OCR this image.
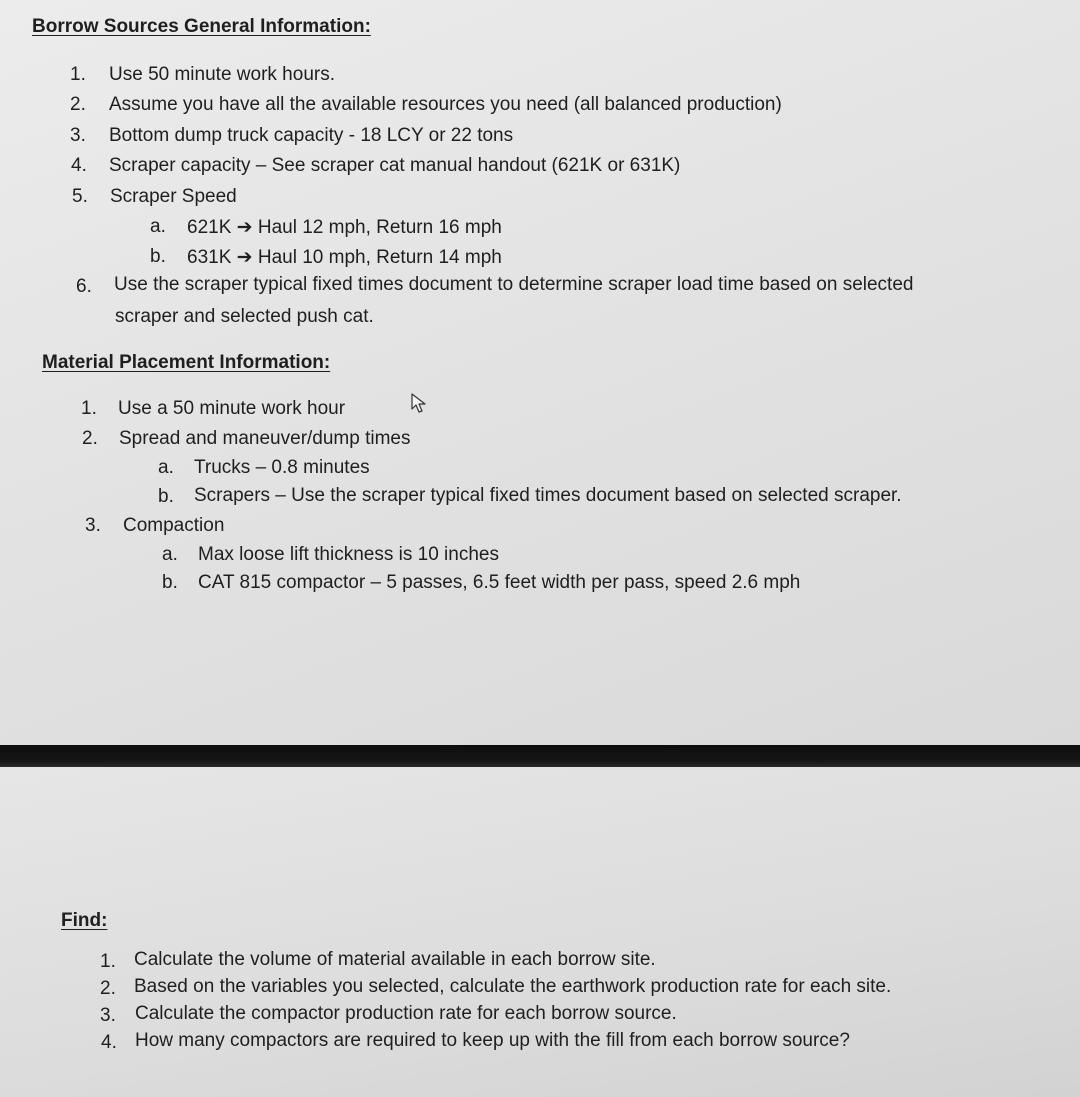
Borrow Sources General Information:
1. Use 50 minute work hours.
2. Assume you have all the available resources you need (all balanced production)
3. Bottom dump truck capacity - 18 LCY or 22 tons
4. Scraper capacity – See scraper cat manual handout (621K or 631K)
5. Scraper Speed
a. 621K ➔ Haul 12 mph, Return 16 mph
b. 631K ➔ Haul 10 mph, Return 14 mph
6. Use the scraper typical fixed times document to determine scraper load time based on selected
scraper and selected push cat.
Material Placement Information:
1. Use a 50 minute work hour
2. Spread and maneuver/dump times
a. Trucks – 0.8 minutes
b. Scrapers – Use the scraper typical fixed times document based on selected scraper.
3. Compaction
a. Max loose lift thickness is 10 inches
b. CAT 815 compactor – 5 passes, 6.5 feet width per pass, speed 2.6 mph
Find:
1. Calculate the volume of material available in each borrow site.
2. Based on the variables you selected, calculate the earthwork production rate for each site.
3. Calculate the compactor production rate for each borrow source.
4. How many compactors are required to keep up with the fill from each borrow source?
